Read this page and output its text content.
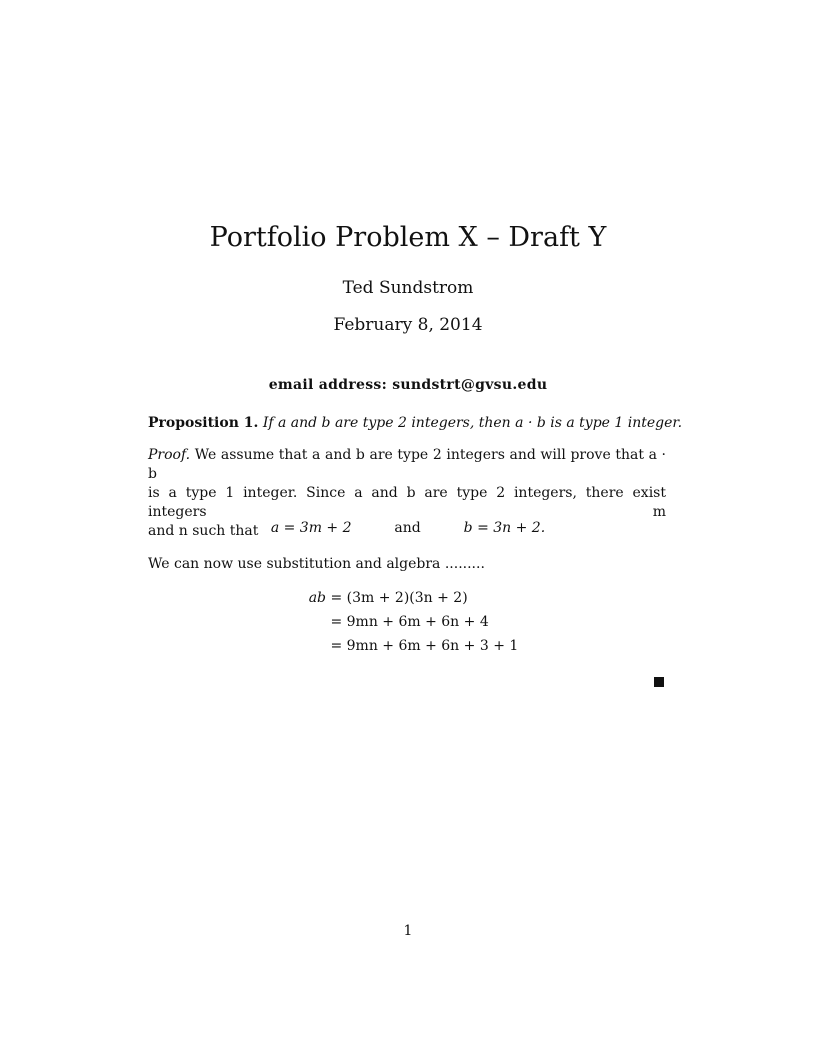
Portfolio Problem X – Draft Y
Ted Sundstrom
February 8, 2014
email address: sundstrt@gvsu.edu
Proposition 1. If a and b are type 2 integers, then a · b is a type 1 integer.
Proof. We assume that a and b are type 2 integers and will prove that a · b
is a type 1 integer. Since a and b are type 2 integers, there exist integers m
and n such that a = 3m + 2	and	b = 3n + 2.
We can now use substitution and algebra .........
ab = (3m + 2)(3n + 2)
= 9mn + 6m + 6n + 4
= 9mn + 6m + 6n + 3 + 1
1
